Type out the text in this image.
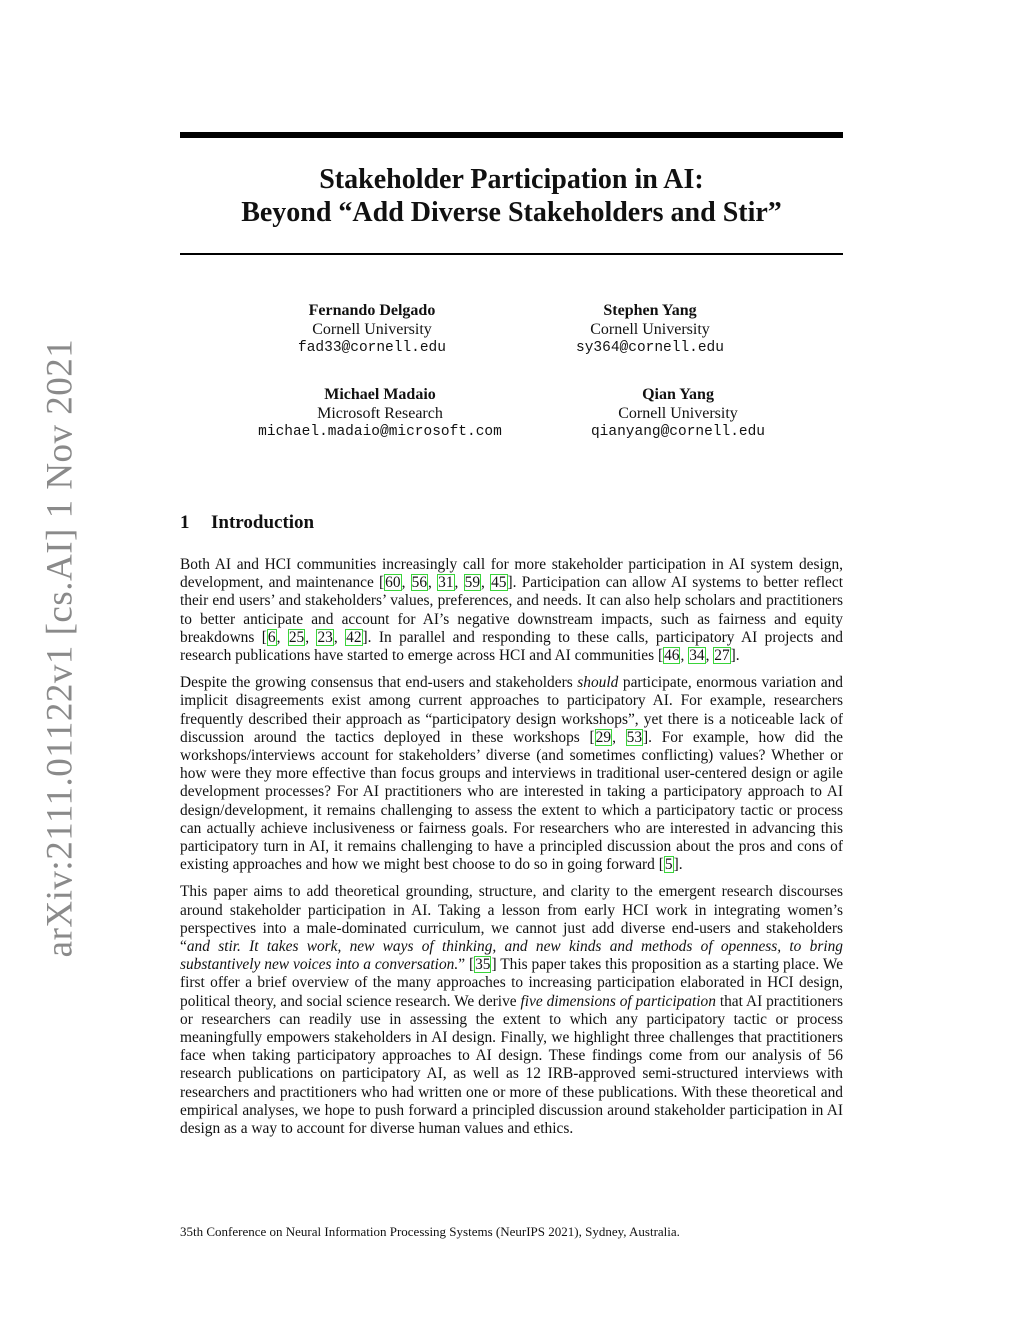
arXiv:2111.01122v1 [cs.AI] 1 Nov 2021
Stakeholder Participation in AI:
Beyond “Add Diverse Stakeholders and Stir”
Fernando Delgado
Cornell University
fad33@cornell.edu
Stephen Yang
Cornell University
sy364@cornell.edu
Michael Madaio
Microsoft Research
michael.madaio@microsoft.com
Qian Yang
Cornell University
qianyang@cornell.edu
1 Introduction

Both AI and HCI communities increasingly call for more stakeholder participation in AI system design, development, and maintenance [60, 56, 31, 59, 45]. Participation can allow AI systems to better reflect their end users’ and stakeholders’ values, preferences, and needs. It can also help scholars and practitioners to better anticipate and account for AI’s negative downstream impacts, such as fairness and equity breakdowns [6, 25, 23, 42]. In parallel and responding to these calls, participatory AI projects and research publications have started to emerge across HCI and AI communities [46, 34, 27].

Despite the growing consensus that end-users and stakeholders should participate, enormous variation and implicit disagreements exist among current approaches to participatory AI. For example, researchers frequently described their approach as “participatory design workshops”, yet there is a noticeable lack of discussion around the tactics deployed in these workshops [29, 53]. For example, how did the workshops/interviews account for stakeholders’ diverse (and sometimes conflicting) values? Whether or how were they more effective than focus groups and interviews in traditional user-centered design or agile development processes? For AI practitioners who are interested in taking a participatory approach to AI design/development, it remains challenging to assess the extent to which a participatory tactic or process can actually achieve inclusiveness or fairness goals. For researchers who are interested in advancing this participatory turn in AI, it remains challenging to have a principled discussion about the pros and cons of existing approaches and how we might best choose to do so in going forward [5].

This paper aims to add theoretical grounding, structure, and clarity to the emergent research discourses around stakeholder participation in AI. Taking a lesson from early HCI work in integrating women’s perspectives into a male-dominated curriculum, we cannot just add diverse end-users and stakeholders “and stir. It takes work, new ways of thinking, and new kinds and methods of openness, to bring substantively new voices into a conversation.” [35] This paper takes this proposition as a starting place. We first offer a brief overview of the many approaches to increasing participation elaborated in HCI design, political theory, and social science research. We derive five dimensions of participation that AI practitioners or researchers can readily use in assessing the extent to which any participatory tactic or process meaningfully empowers stakeholders in AI design. Finally, we highlight three challenges that practitioners face when taking participatory approaches to AI design. These findings come from our analysis of 56 research publications on participatory AI, as well as 12 IRB-approved semi-structured interviews with researchers and practitioners who had written one or more of these publications. With these theoretical and empirical analyses, we hope to push forward a principled discussion around stakeholder participation in AI design as a way to account for diverse human values and ethics.

35th Conference on Neural Information Processing Systems (NeurIPS 2021), Sydney, Australia.
